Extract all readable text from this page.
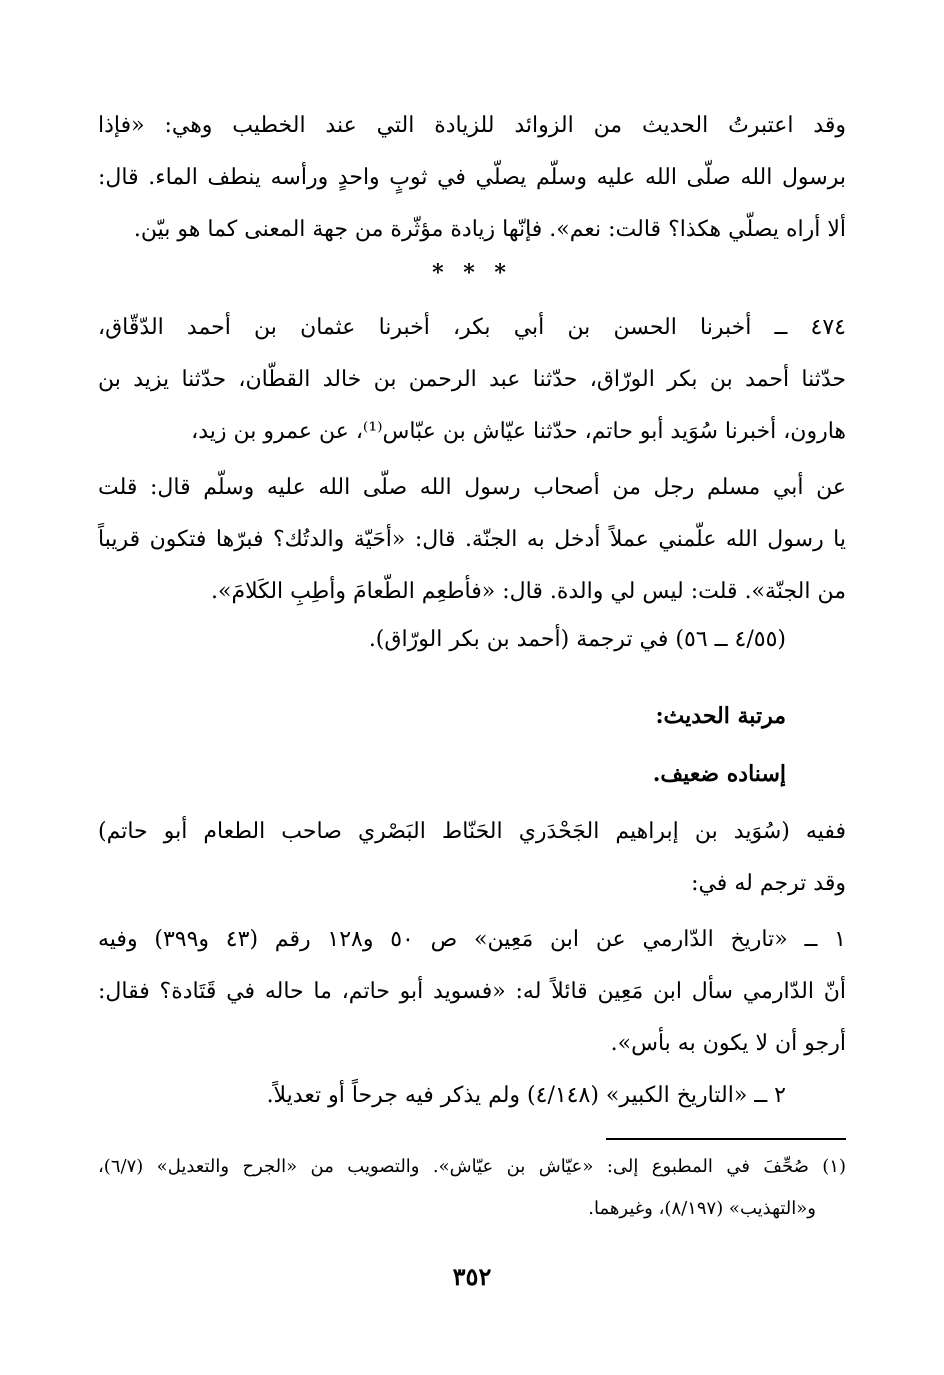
وقد اعتبرتُ الحديث من الزوائد للزيادة التي عند الخطيب وهي: «فإذا
برسول الله صلّى الله عليه وسلّم يصلّي في ثوبٍ واحدٍ ورأسه ينطف الماء. قال:
ألا أراه يصلّي هكذا؟ قالت: نعم». فإنّها زيادة مؤثّرة من جهة المعنى كما هو بيّن.
* * *
٤٧٤ ــ أخبرنا الحسن بن أبي بكر، أخبرنا عثمان بن أحمد الدّقّاق،
حدّثنا أحمد بن بكر الورّاق، حدّثنا عبد الرحمن بن خالد القطّان، حدّثنا يزيد بن
هارون، أخبرنا سُوَيد أبو حاتم، حدّثنا عيّاش بن عبّاس⁽¹⁾، عن عمرو بن زيد،
عن أبي مسلم رجل من أصحاب رسول الله صلّى الله عليه وسلّم قال: قلت
يا رسول الله علّمني عملاً أدخل به الجنّة. قال: «أحَيّة والدتُك؟ فبرّها فتكون قريباً
من الجنّة». قلت: ليس لي والدة. قال: «فأطعِم الطّعامَ وأطِبِ الكَلامَ».
(٤/٥٥ ــ ٥٦) في ترجمة (أحمد بن بكر الورّاق).
مرتبة الحديث:
إسناده ضعيف.
ففيه (سُوَيد بن إبراهيم الجَحْدَري الحَنّاط البَصْري صاحب الطعام أبو حاتم)
وقد ترجم له في:
١ ــ «تاريخ الدّارمي عن ابن مَعِين» ص ٥٠ و١٢٨ رقم (٤٣ و٣٩٩) وفيه
أنّ الدّارمي سأل ابن مَعِين قائلاً له: «فسويد أبو حاتم، ما حاله في قَتَادة؟ فقال:
أرجو أن لا يكون به بأس».
٢ ــ «التاريخ الكبير» (٤/١٤٨) ولم يذكر فيه جرحاً أو تعديلاً.
(١) صُحِّفَ في المطبوع إلى: «عيّاش بن عيّاش». والتصويب من «الجرح والتعديل» (٦/٧)،
و«التهذيب» (٨/١٩٧)، وغيرهما.
٣٥٢
